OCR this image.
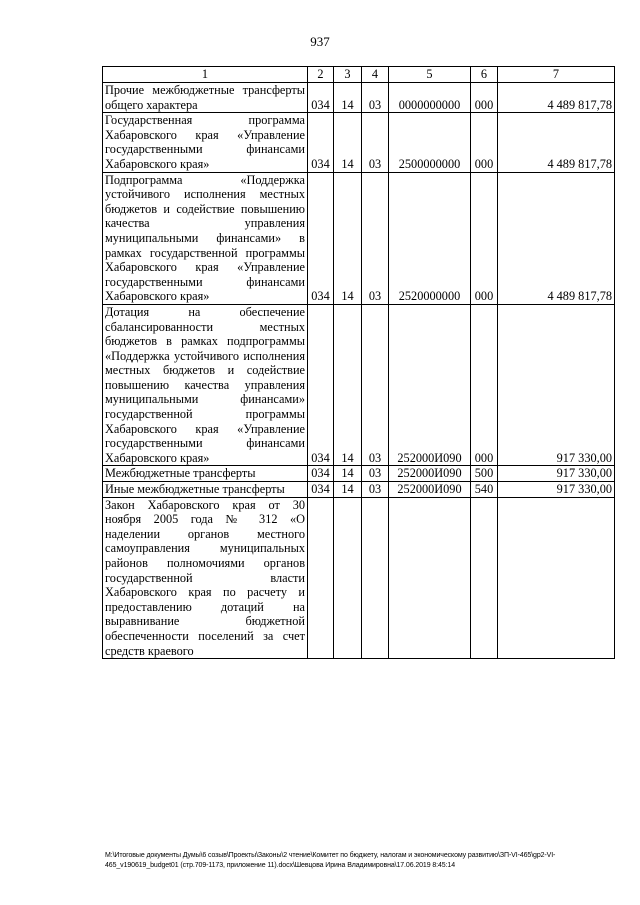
937
1	2	3	4	5	6	7

Прочие межбюджетные трансферты общего характера	034	14	03	0000000000	000	4 489 817,78

Государственная программа Хабаровского края «Управление государственными финансами Хабаровского края»	034	14	03	2500000000	000	4 489 817,78

Подпрограмма «Поддержка устойчивого исполнения местных бюджетов и содействие повышению качества управления муниципальными финансами» в рамках государственной программы Хабаровского края «Управление государственными финансами Хабаровского края»	034	14	03	2520000000	000	4 489 817,78

Дотация на обеспечение сбалансированности местных бюджетов в рамках подпрограммы «Поддержка устойчивого исполнения местных бюджетов и содействие повышению качества управления муниципальными финансами» государственной программы Хабаровского края «Управление государственными финансами Хабаровского края»	034	14	03	252000И090	000	917 330,00

Межбюджетные трансферты	034	14	03	252000И090	500	917 330,00

Иные межбюджетные трансферты	034	14	03	252000И090	540	917 330,00

Закон Хабаровского края от 30 ноября 2005 года № 312 «О наделении органов местного самоуправления муниципальных районов полномочиями органов государственной власти Хабаровского края по расчету и предоставлению дотаций на выравнивание бюджетной обеспеченности поселений за счет средств краевого						

M:\Итоговые документы Думы\6 созыв\Проекты\Законы\2 чтение\Комитет по бюджету, налогам и экономическому развитию\ЗП-VI-465\gp2-VI-465_v190619_budget01 (стр.709-1173, приложение 11).docx\Шевцова Ирина Владимировна\17.06.2019 8:45:14
